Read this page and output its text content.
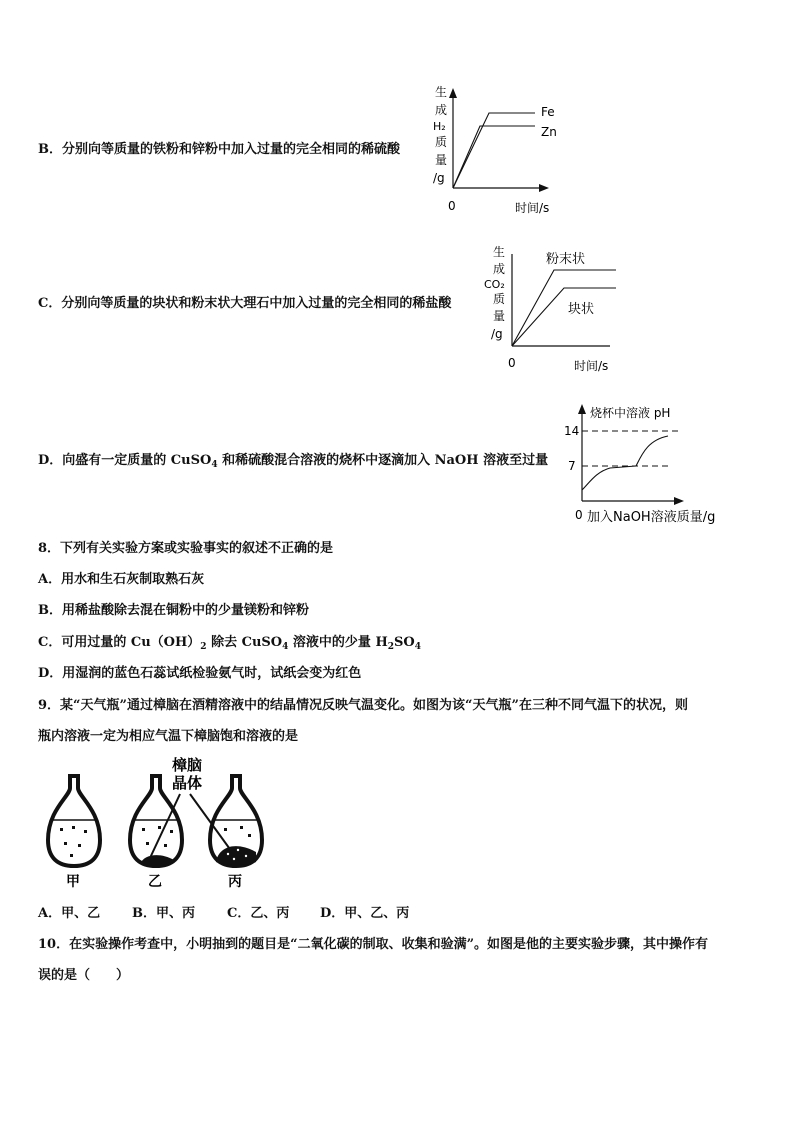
B．分别向等质量的铁粉和锌粉中加入过量的完全相同的稀硫酸
生
成
H₂
质
量
/g
Fe
Zn
0	时间/s
C．分别向等质量的块状和粉末状大理石中加入过量的完全相同的稀盐酸
生
成
CO₂
质
量
/g
粉末状
块状
0	时间/s
D．向盛有一定质量的 CuSO$_4$ 和稀硫酸混合溶液的烧杯中逐滴加入 NaOH 溶液至过量
烧杯中溶液 pH
14
7
0 加入NaOH溶液质量/g
8．下列有关实验方案或实验事实的叙述不正确的是
A．用水和生石灰制取熟石灰
B．用稀盐酸除去混在铜粉中的少量镁粉和锌粉
C．可用过量的 $Cu(OH)_2$ 除去 CuSO$_4$ 溶液中的少量 $H_2SO_4$
D．用湿润的蓝色石蕊试纸检验氨气时，试纸会变为红色
9．某“天气瓶”通过樟脑在酒精溶液中的结晶情况反映气温变化。如图为该“天气瓶”在三种不同气温下的状况，则
瓶内溶液一定为相应气温下樟脑饱和溶液的是
樟脑
晶体
甲	乙	丙
A．甲、乙 B．甲、丙 C．乙、丙 D．甲、乙、丙
10．在实验操作考查中，小明抽到的题目是“二氧化碳的制取、收集和验满”。如图是他的主要实验步骤，其中操作有
误的是（　　）
